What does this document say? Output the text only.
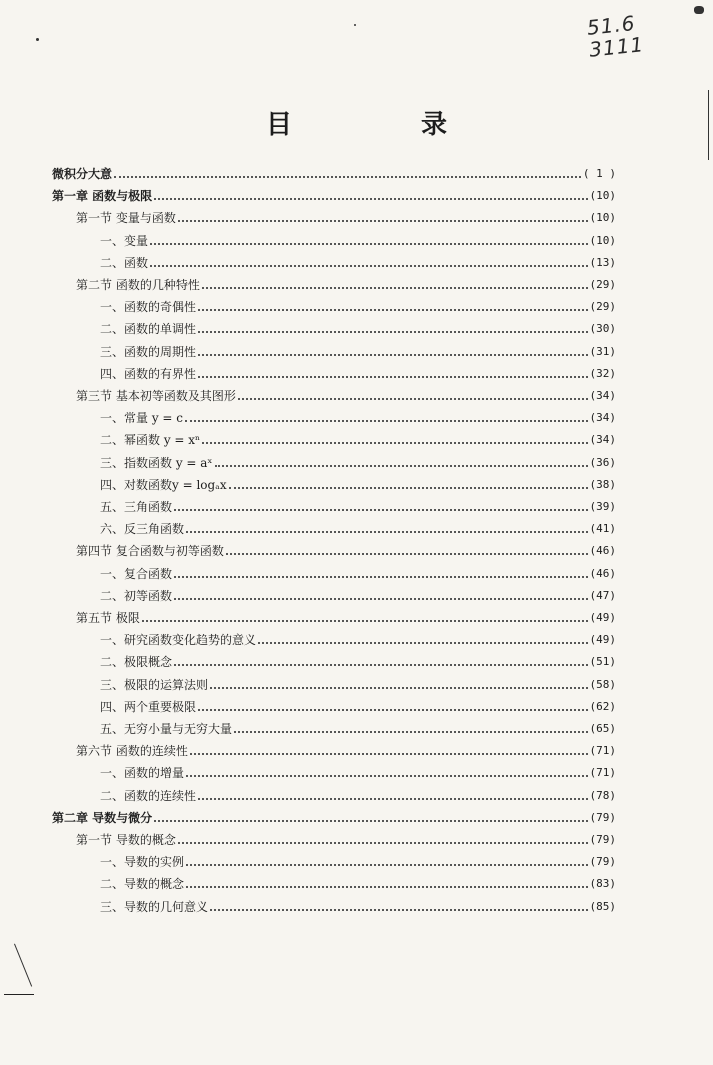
51.6
3111
目 录
微积分大意	( 1 )
第一章 函数与极限	(10)
第一节 变量与函数	(10)
一、变量	(10)
二、函数	(13)
第二节 函数的几种特性	(29)
一、函数的奇偶性	(29)
二、函数的单调性	(30)
三、函数的周期性	(31)
四、函数的有界性	(32)
第三节 基本初等函数及其图形	(34)
一、常量 y = c	(34)
二、幂函数 y = xⁿ	(34)
三、指数函数 y = aˣ	(36)
四、对数函数y = logₐx	(38)
五、三角函数	(39)
六、反三角函数	(41)
第四节 复合函数与初等函数	(46)
一、复合函数	(46)
二、初等函数	(47)
第五节 极限	(49)
一、研究函数变化趋势的意义	(49)
二、极限概念	(51)
三、极限的运算法则	(58)
四、两个重要极限	(62)
五、无穷小量与无穷大量	(65)
第六节 函数的连续性	(71)
一、函数的增量	(71)
二、函数的连续性	(78)
第二章 导数与微分	(79)
第一节 导数的概念	(79)
一、导数的实例	(79)
二、导数的概念	(83)
三、导数的几何意义	(85)
